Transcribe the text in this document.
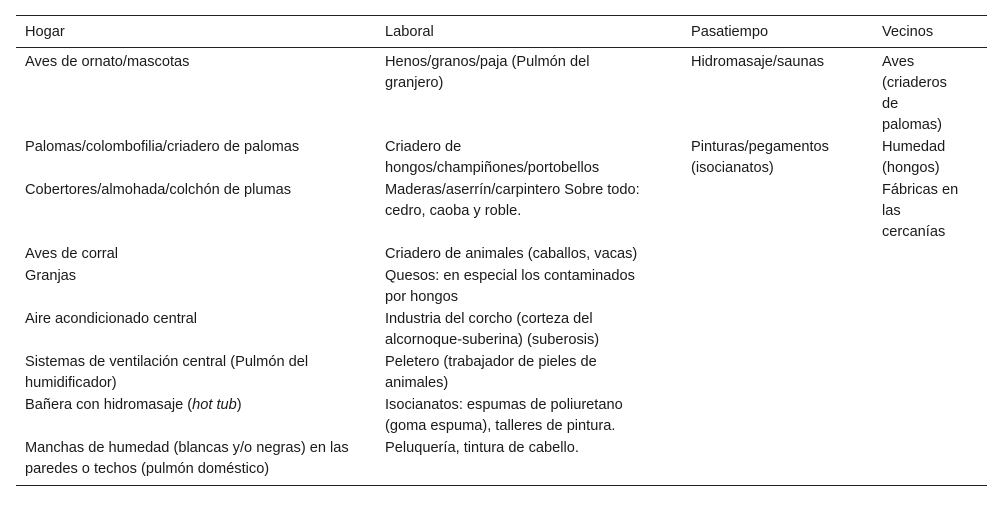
Hogar	Laboral	Pasatiempo	Vecinos
Aves de ornato/mascotas	Henos/granos/paja (Pulmón del granjero)	Hidromasaje/saunas	Aves (criaderos de palomas)
Palomas/colombofilia/criadero de palomas	Criadero de hongos/champiñones/portobellos	Pinturas/pegamentos (isocianatos)	Humedad (hongos)
Cobertores/almohada/colchón de plumas	Maderas/aserrín/carpintero Sobre todo: cedro, caoba y roble.		Fábricas en las cercanías
Aves de corral	Criadero de animales (caballos, vacas)		
Granjas	Quesos: en especial los contaminados por hongos		
Aire acondicionado central	Industria del corcho (corteza del alcornoque-suberina) (suberosis)		
Sistemas de ventilación central (Pulmón del humidificador)	Peletero (trabajador de pieles de animales)		
Bañera con hidromasaje (hot tub)	Isocianatos: espumas de poliuretano (goma espuma), talleres de pintura.		
Manchas de humedad (blancas y/o negras) en las paredes o techos (pulmón doméstico)	Peluquería, tintura de cabello.		
